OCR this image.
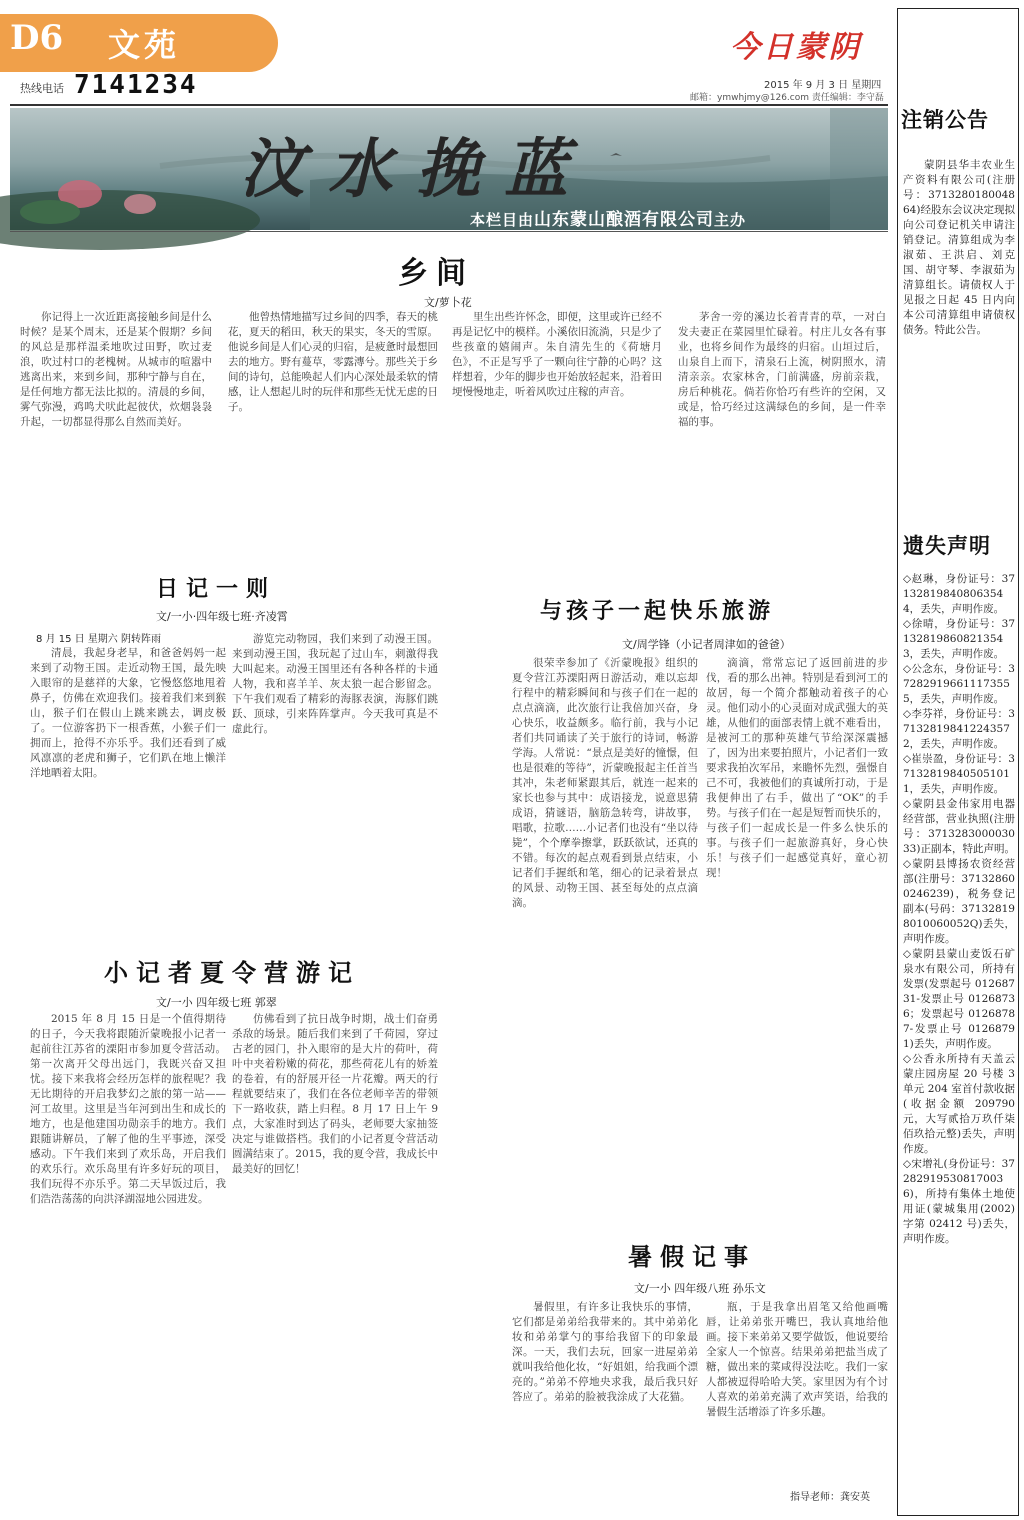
D6 文苑	今日蒙阴
热线电话 7141234	2015 年 9 月 3 日 星期四
邮箱：ymwhjmy@126.com 责任编辑：李守磊
汶水挽蓝
本栏目由山东蒙山酿酒有限公司主办
乡间
文/萝卜花
你记得上一次近距离接触乡间是什么时候？是某个周末，还是某个假期？乡间的风总是那样温柔地吹过田野，吹过麦浪，吹过村口的老槐树。从城市的喧嚣中逃离出来，来到乡间，那种宁静与自在，是任何地方都无法比拟的。清晨的乡间，雾气弥漫，鸡鸣犬吠此起彼伏，炊烟袅袅升起，一切都显得那么自然而美好。
他曾热情地描写过乡间的四季，春天的桃花，夏天的稻田，秋天的果实，冬天的雪原。他说乡间是人们心灵的归宿，是疲惫时最想回去的地方。野有蔓草，零露漙兮。那些关于乡间的诗句，总能唤起人们内心深处最柔软的情感，让人想起儿时的玩伴和那些无忧无虑的日子。
里生出些许怀念，即便，这里或许已经不再是记忆中的模样。小溪依旧流淌，只是少了些孩童的嬉闹声。朱自清先生的《荷塘月色》，不正是写乎了一颗向往宁静的心吗？这样想着，少年的脚步也开始放轻起来，沿着田埂慢慢地走，听着风吹过庄稼的声音。
茅舍一旁的溪边长着青青的草，一对白发夫妻正在菜园里忙碌着。村庄儿女各有事业，也将乡间作为最终的归宿。山垣过后，山泉自上而下，清泉石上流，树阴照水，清清亲亲。农家林舍，门前满盛，房前亲栽，房后种桃花。倘若你恰巧有些许的空闲，又或是，恰巧经过这满绿色的乡间，是一件幸福的事。
日记一则
文/一小·四年级七班·齐凌霄
8 月 15 日 星期六 阴转阵雨
清晨，我起身老早，和爸爸妈妈一起来到了动物王国。走近动物王国，最先映入眼帘的是慈祥的大象，它慢悠悠地甩着鼻子，仿佛在欢迎我们。接着我们来到猴山，猴子们在假山上跳来跳去，调皮极了。一位游客扔下一根香蕉，小猴子们一拥而上，抢得不亦乐乎。我们还看到了威风凛凛的老虎和狮子，它们趴在地上懒洋洋地晒着太阳。
游览完动物园，我们来到了动漫王国。来到动漫王国，我玩起了过山车，刺激得我大叫起来。动漫王国里还有各种各样的卡通人物，我和喜羊羊、灰太狼一起合影留念。下午我们观看了精彩的海豚表演，海豚们跳跃、顶球，引来阵阵掌声。今天我可真是不虚此行。
小记者夏令营游记
文/一小 四年级七班 郭翠
2015 年 8 月 15 日是一个值得期待的日子，今天我将跟随沂蒙晚报小记者一起前往江苏省的溧阳市参加夏令营活动。第一次离开父母出远门，我既兴奋又担忧。接下来我将会经历怎样的旅程呢？我无比期待的开启我梦幻之旅的第一站——河工故里。这里是当年河到出生和成长的地方，也是他建国功勋亲手的地方。我们跟随讲解员，了解了他的生平事迹，深受感动。下午我们来到了欢乐岛，开启我们的欢乐行。欢乐岛里有许多好玩的项目，我们玩得不亦乐乎。第二天早饭过后，我们浩浩荡荡的向洪泽湖湿地公园进发。
仿佛看到了抗日战争时期，战士们奋勇杀敌的场景。随后我们来到了千荷园，穿过古老的园门，扑入眼帘的是大片的荷叶，荷叶中夹着粉嫩的荷花，那些荷花儿有的娇羞的卷着，有的舒展开径一片花瓣。两天的行程就要结束了，我们在各位老师辛苦的带领下一路收获，踏上归程。8 月 17 日上午 9 点，大家准时到达了码头，老师要大家抽签决定与谁做搭档。我们的小记者夏令营活动圆满结束了。2015，我的夏令营，我成长中最美好的回忆！
与孩子一起快乐旅游
文/周学锋（小记者周津如的爸爸）
很荣幸参加了《沂蒙晚报》组织的夏令营江苏溧阳两日游活动，难以忘却行程中的精彩瞬间和与孩子们在一起的点点滴滴，此次旅行让我倍加兴奋，身心快乐，收益颇多。临行前，我与小记者们共同诵读了关于旅行的诗词，畅游学海。人常说：“景点是美好的憧憬，但也是很难的等待”，沂蒙晚报起主任首当其冲，朱老师紧跟其后，就连一起来的家长也参与其中：成语接龙，说意思猜成语，猜谜语，脑筋急转弯，讲故事，唱歌，拉歌……小记者们也没有“坐以待毙”，个个摩拳擦掌，跃跃欲试，还真的不错。每次的起点观看到景点结束，小记者们手握纸和笔，细心的记录着景点的风景、动物王国、甚至每处的点点滴滴。
滴滴，常常忘记了返回前进的步伐，看的那么出神。特别是看到河工的故居，每一个简介都触动着孩子的心灵。他们动小的心灵面对成武强大的英雄，从他们的面部表情上就不难看出，是被河工的那种英雄气节给深深震撼了，因为出来要拍照片，小记者们一致要求我拍次军吊，来瞻怀先烈，强憬自己不可，我被他们的真诚所打动，于是我便伸出了右手，做出了“OK”的手势。与孩子们在一起是短暂而快乐的，与孩子们一起成长是一件多么快乐的事。与孩子们一起旅游真好，身心快乐！与孩子们一起感觉真好，童心初现！
暑假记事
文/一小 四年级八班 孙乐文
暑假里，有许多让我快乐的事情，它们都是弟弟给我带来的。其中弟弟化妆和弟弟掌勺的事给我留下的印象最深。一天，我们去玩，回家一进屋弟弟就叫我给他化妆，“好姐姐，给我画个漂亮的。”弟弟不停地央求我，最后我只好答应了。弟弟的脸被我涂成了大花猫。
瓶，于是我拿出眉笔又给他画嘴唇，让弟弟张开嘴巴，我认真地给他画。接下来弟弟又要学做饭，他说要给全家人一个惊喜。结果弟弟把盐当成了糖，做出来的菜咸得没法吃。我们一家人都被逗得哈哈大笑。家里因为有个讨人喜欢的弟弟充满了欢声笑语，给我的暑假生活增添了许多乐趣。
指导老师：龚安英
注销公告
蒙阴县华丰农业生产资料有限公司(注册号：371328018004864)经股东会议决定现拟向公司登记机关申请注销登记。清算组成为李淑茹、王洪启、刘克国、胡守琴、李淑茹为清算组长。请债权人于见报之日起 45 日内向本公司清算组申请债权债务。特此公告。
遗失声明
◇赵琳，身份证号：371328198408063544，丢失，声明作废。
◇徐晴，身份证号：371328198608213543，丢失，声明作废。
◇公念东，身份证号：372829196611173555，丢失，声明作废。
◇李芬祥，身份证号：371328198412243572，丢失，声明作废。
◇崔崇盈，身份证号：371328198405051011，丢失，声明作废。
◇蒙阴县金伟家用电器经营部，营业执照(注册号：371328300003033)正副本，特此声明。
◇蒙阴县博扬农资经营部(注册号：371328600246239)，税务登记副本(号码：371328198010060052Q)丢失，声明作废。
◇蒙阴县蒙山麦饭石矿泉水有限公司，所持有发票(发票起号 01268731-发票止号 01268736；发票起号 01268787-发票止号 01268791)丢失，声明作废。
◇公香永所持有天盖云蒙庄园房屋 20 号楼 3 单元 204 室首付款收据(收据金额 209790 元，大写贰拾万玖仟柒佰玖拾元整)丢失，声明作废。
◇宋增礼(身份证号：372829195308170036)，所持有集体土地使用证(蒙城集用(2002)字第 02412 号)丢失，声明作废。
